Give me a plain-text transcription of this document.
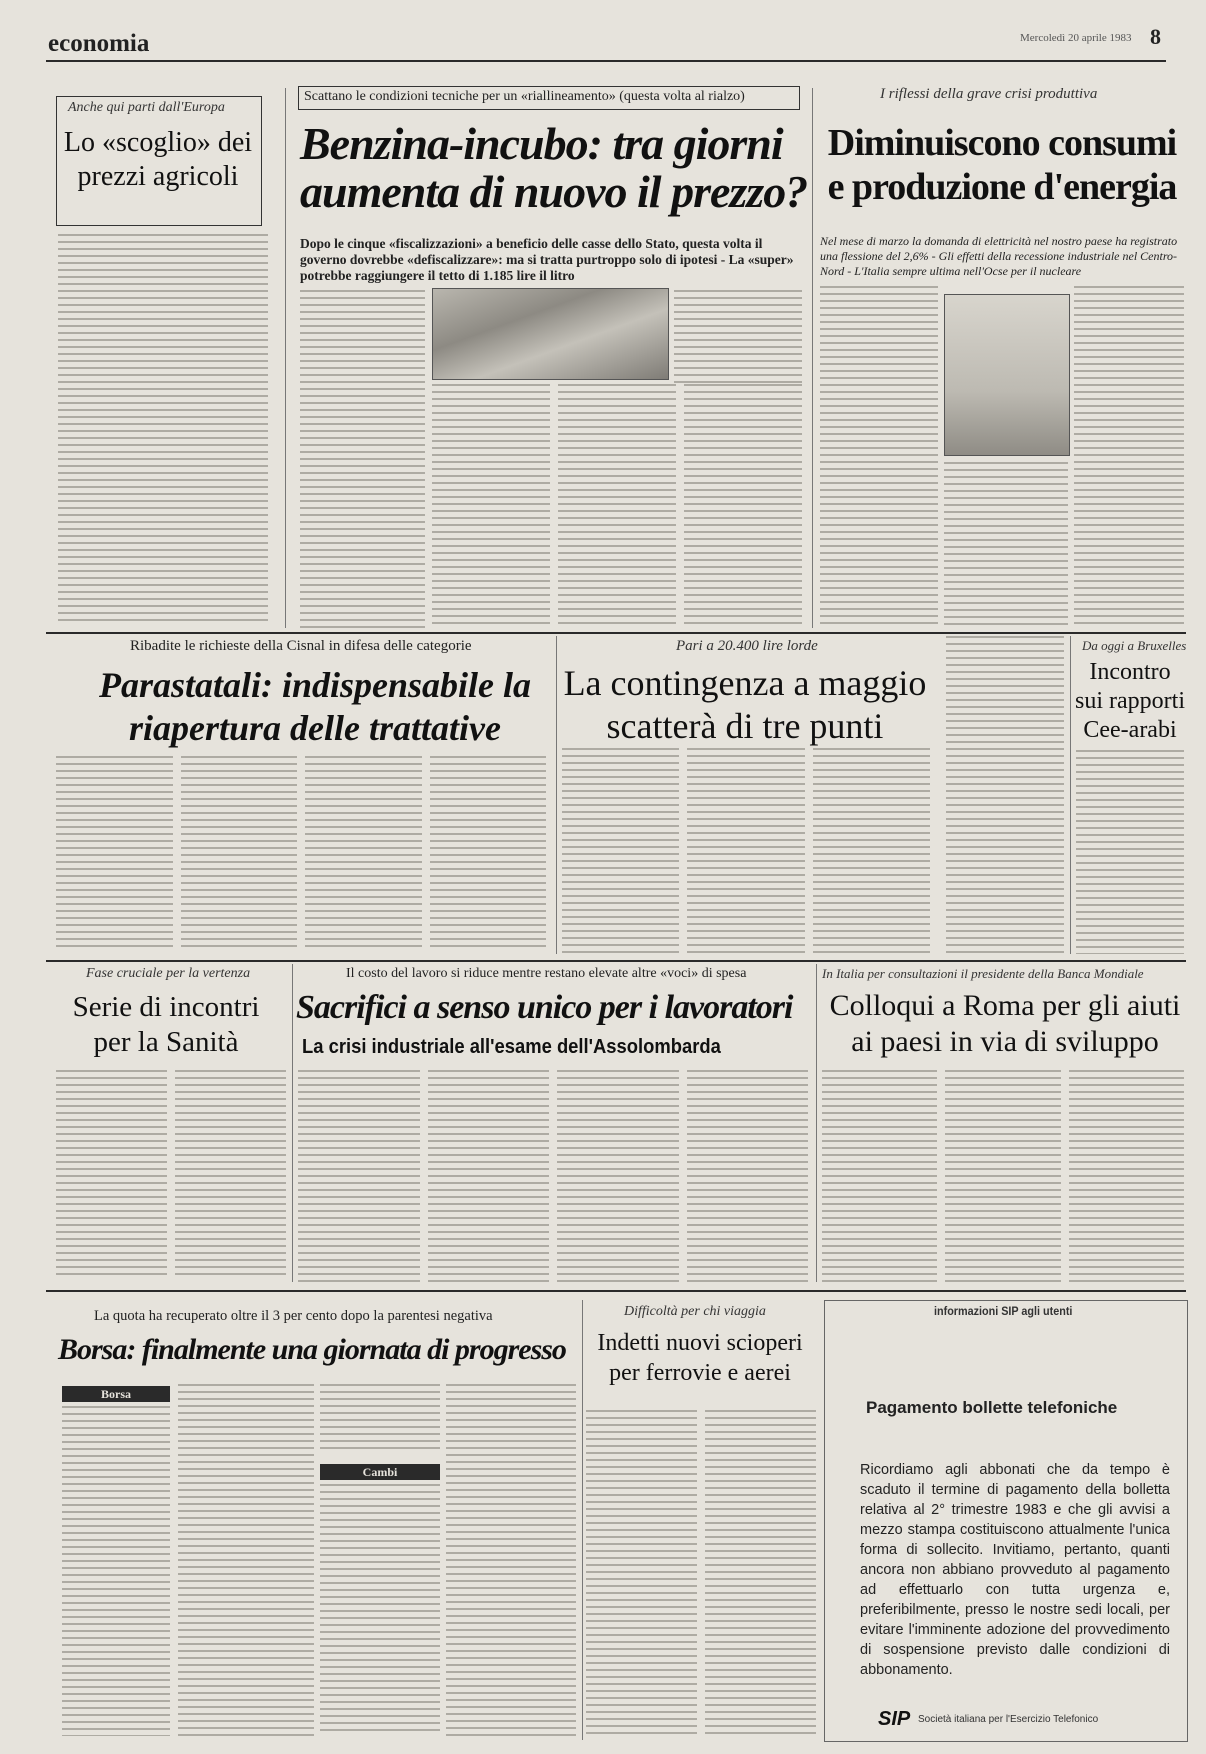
economia	Mercoledì 20 aprile 1983 8
Anche qui parti dall'Europa
Lo «scoglio» dei prezzi agricoli
Scattano le condizioni tecniche per un «riallineamento» (questa volta al rialzo)
Benzina-incubo: tra giorni aumenta di nuovo il prezzo?
Dopo le cinque «fiscalizzazioni» a beneficio delle casse dello Stato, questa volta il governo dovrebbe «defiscalizzare»: ma si tratta purtroppo solo di ipotesi - La «super» potrebbe raggiungere il tetto di 1.185 lire il litro
I riflessi della grave crisi produttiva
Diminuiscono consumi e produzione d'energia
Nel mese di marzo la domanda di elettricità nel nostro paese ha registrato una flessione del 2,6% - Gli effetti della recessione industriale nel Centro-Nord - L'Italia sempre ultima nell'Ocse per il nucleare
Ribadite le richieste della Cisnal in difesa delle categorie
Parastatali: indispensabile la riapertura delle trattative
Pari a 20.400 lire lorde
La contingenza a maggio scatterà di tre punti
Da oggi a Bruxelles
Incontro sui rapporti Cee-arabi
Fase cruciale per la vertenza
Serie di incontri per la Sanità
Il costo del lavoro si riduce mentre restano elevate altre «voci» di spesa
Sacrifici a senso unico per i lavoratori
La crisi industriale all'esame dell'Assolombarda
In Italia per consultazioni il presidente della Banca Mondiale
Colloqui a Roma per gli aiuti ai paesi in via di sviluppo
La quota ha recuperato oltre il 3 per cento dopo la parentesi negativa
Borsa: finalmente una giornata di progresso
Borsa
Cambi
Difficoltà per chi viaggia
Indetti nuovi scioperi per ferrovie e aerei
informazioni SIP agli utenti
Pagamento bollette telefoniche
Ricordiamo agli abbonati che da tempo è scaduto il termine di pagamento della bolletta relativa al 2° trimestre 1983 e che gli avvisi a mezzo stampa costituiscono attualmente l'unica forma di sollecito. Invitiamo, pertanto, quanti ancora non abbiano provveduto al pagamento ad effettuarlo con tutta urgenza e, preferibilmente, presso le nostre sedi locali, per evitare l'imminente adozione del provvedimento di sospensione previsto dalle condizioni di abbonamento.
SIP Società italiana per l'Esercizio Telefonico
